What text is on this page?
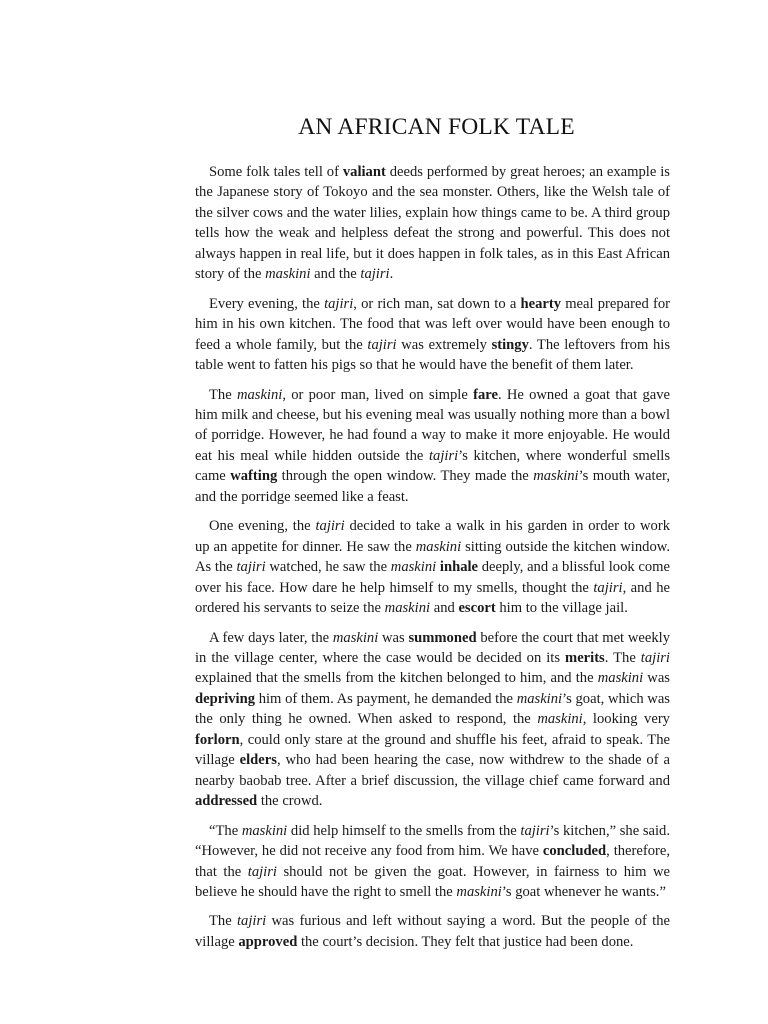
AN AFRICAN FOLK TALE

Some folk tales tell of valiant deeds performed by great heroes; an example is the Japanese story of Tokoyo and the sea monster. Others, like the Welsh tale of the silver cows and the water lilies, explain how things came to be. A third group tells how the weak and helpless defeat the strong and powerful. This does not always happen in real life, but it does happen in folk tales, as in this East African story of the maskini and the tajiri.

Every evening, the tajiri, or rich man, sat down to a hearty meal prepared for him in his own kitchen. The food that was left over would have been enough to feed a whole family, but the tajiri was extremely stingy. The leftovers from his table went to fatten his pigs so that he would have the benefit of them later.

The maskini, or poor man, lived on simple fare. He owned a goat that gave him milk and cheese, but his evening meal was usually nothing more than a bowl of porridge. However, he had found a way to make it more enjoyable. He would eat his meal while hidden outside the tajiri’s kitchen, where wonderful smells came wafting through the open window. They made the maskini’s mouth water, and the porridge seemed like a feast.

One evening, the tajiri decided to take a walk in his garden in order to work up an appetite for dinner. He saw the maskini sitting outside the kitchen window. As the tajiri watched, he saw the maskini inhale deeply, and a blissful look come over his face. How dare he help himself to my smells, thought the tajiri, and he ordered his servants to seize the maskini and escort him to the village jail.

A few days later, the maskini was summoned before the court that met weekly in the village center, where the case would be decided on its merits. The tajiri explained that the smells from the kitchen belonged to him, and the maskini was depriving him of them. As payment, he demanded the maskini’s goat, which was the only thing he owned. When asked to respond, the maskini, looking very forlorn, could only stare at the ground and shuffle his feet, afraid to speak. The village elders, who had been hearing the case, now withdrew to the shade of a nearby baobab tree. After a brief discussion, the village chief came forward and addressed the crowd.

“The maskini did help himself to the smells from the tajiri’s kitchen,” she said. “However, he did not receive any food from him. We have concluded, therefore, that the tajiri should not be given the goat. However, in fairness to him we believe he should have the right to smell the maskini’s goat whenever he wants.”

The tajiri was furious and left without saying a word. But the people of the village approved the court’s decision. They felt that justice had been done.
